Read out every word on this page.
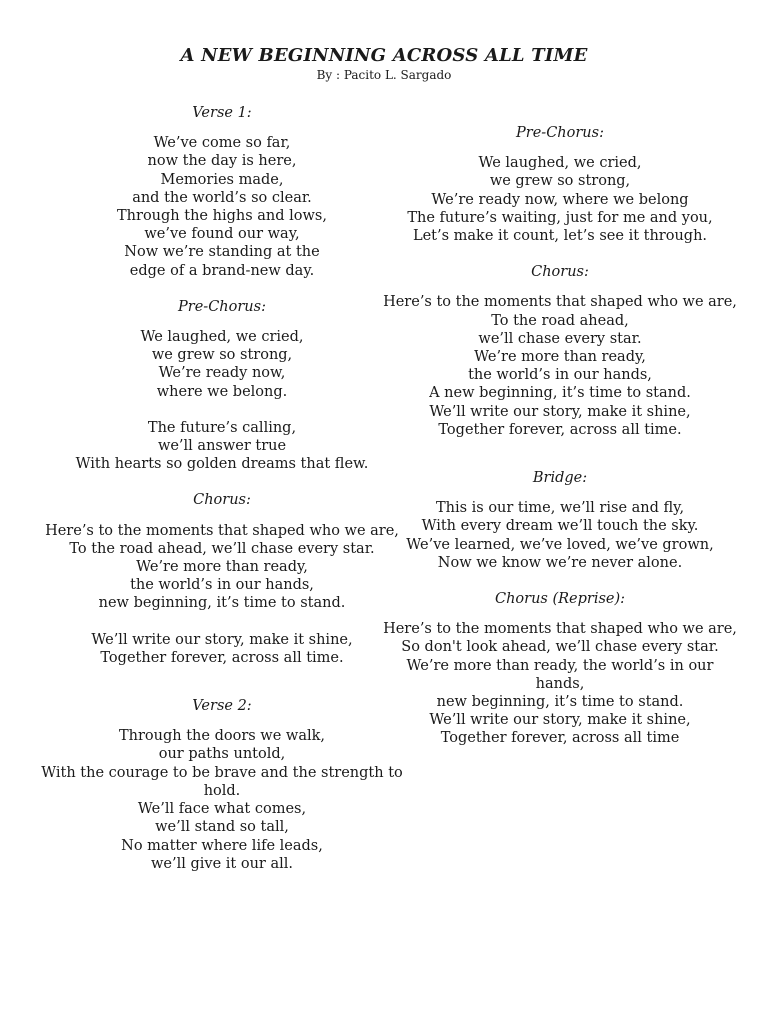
A NEW BEGINNING ACROSS ALL TIME

By : Pacito L. Sargado

Verse 1:

We’ve come so far,
now the day is here,
Memories made,
and the world’s so clear.
Through the highs and lows,
we’ve found our way,
Now we’re standing at the
edge of a brand-new day.

Pre-Chorus:

We laughed, we cried,
we grew so strong,
We’re ready now,
where we belong.
The future’s calling,
we’ll answer true
With hearts so golden dreams that flew.

Chorus:

Here’s to the moments that shaped who we are,
To the road ahead, we’ll chase every star.
We’re more than ready,
the world’s in our hands,
new beginning, it’s time to stand.
We’ll write our story, make it shine,
Together forever, across all time.

Verse 2:

Through the doors we walk,
our paths untold,
With the courage to be brave and the strength to hold.
We’ll face what comes,
we’ll stand so tall,
No matter where life leads,
we’ll give it our all.

Pre-Chorus:

We laughed, we cried,
we grew so strong,
We’re ready now, where we belong
The future’s waiting, just for me and you,
Let’s make it count, let’s see it through.

Chorus:

Here’s to the moments that shaped who we are,
To the road ahead,
we’ll chase every star.
We’re more than ready,
the world’s in our hands,
A new beginning, it’s time to stand.
We’ll write our story, make it shine,
Together forever, across all time.

Bridge:

This is our time, we’ll rise and fly,
With every dream we’ll touch the sky.
We’ve learned, we’ve loved, we’ve grown,
Now we know we’re never alone.

Chorus (Reprise):

Here’s to the moments that shaped who we are,
So don't look ahead, we’ll chase every star.
We’re more than ready, the world’s in our hands,
new beginning, it’s time to stand.
We’ll write our story, make it shine,
Together forever, across all time
